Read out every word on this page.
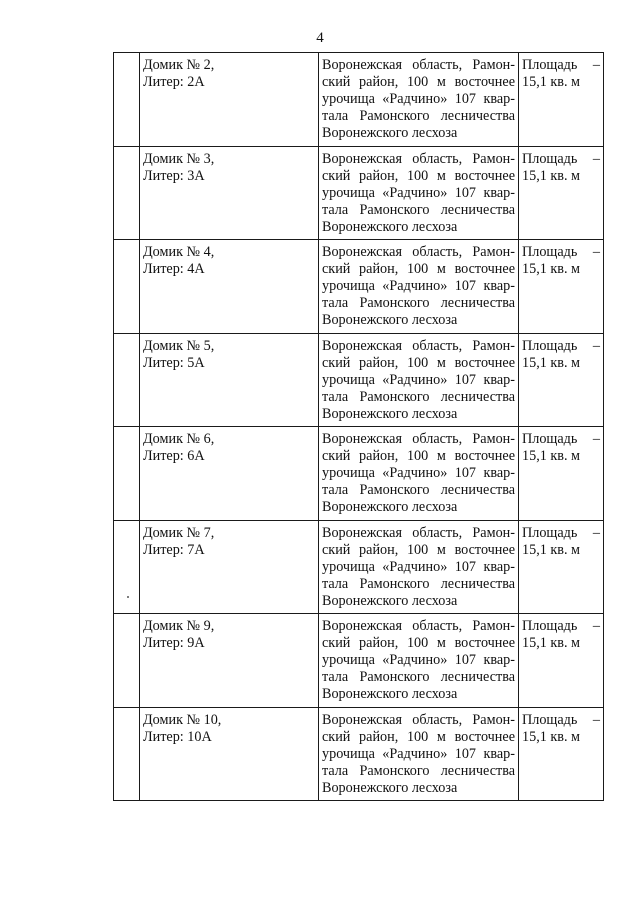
4

	Домик № 2,
Литер: 2А	Воронежская область, Рамон-
ский район, 100 м восточнее
урочища «Радчино» 107 квар-
тала Рамонского лесничества
Воронежского лесхоза	Площадь
15,1 кв. м
–

	Домик № 3,
Литер: 3А	Воронежская область, Рамон-
ский район, 100 м восточнее
урочища «Радчино» 107 квар-
тала Рамонского лесничества
Воронежского лесхоза	Площадь
15,1 кв. м
–

	Домик № 4,
Литер: 4А	Воронежская область, Рамон-
ский район, 100 м восточнее
урочища «Радчино» 107 квар-
тала Рамонского лесничества
Воронежского лесхоза	Площадь
15,1 кв. м
–

	Домик № 5,
Литер: 5А	Воронежская область, Рамон-
ский район, 100 м восточнее
урочища «Радчино» 107 квар-
тала Рамонского лесничества
Воронежского лесхоза	Площадь
15,1 кв. м
–

	Домик № 6,
Литер: 6А	Воронежская область, Рамон-
ский район, 100 м восточнее
урочища «Радчино» 107 квар-
тала Рамонского лесничества
Воронежского лесхоза	Площадь
15,1 кв. м
–

	Домик № 7,
Литер: 7А	Воронежская область, Рамон-
ский район, 100 м восточнее
урочища «Радчино» 107 квар-
тала Рамонского лесничества
Воронежского лесхоза	Площадь
15,1 кв. м
–

	Домик № 9,
Литер: 9А	Воронежская область, Рамон-
ский район, 100 м восточнее
урочища «Радчино» 107 квар-
тала Рамонского лесничества
Воронежского лесхоза	Площадь
15,1 кв. м
–

	Домик № 10,
Литер: 10А	Воронежская область, Рамон-
ский район, 100 м восточнее
урочища «Радчино» 107 квар-
тала Рамонского лесничества
Воронежского лесхоза	Площадь
15,1 кв. м
–
